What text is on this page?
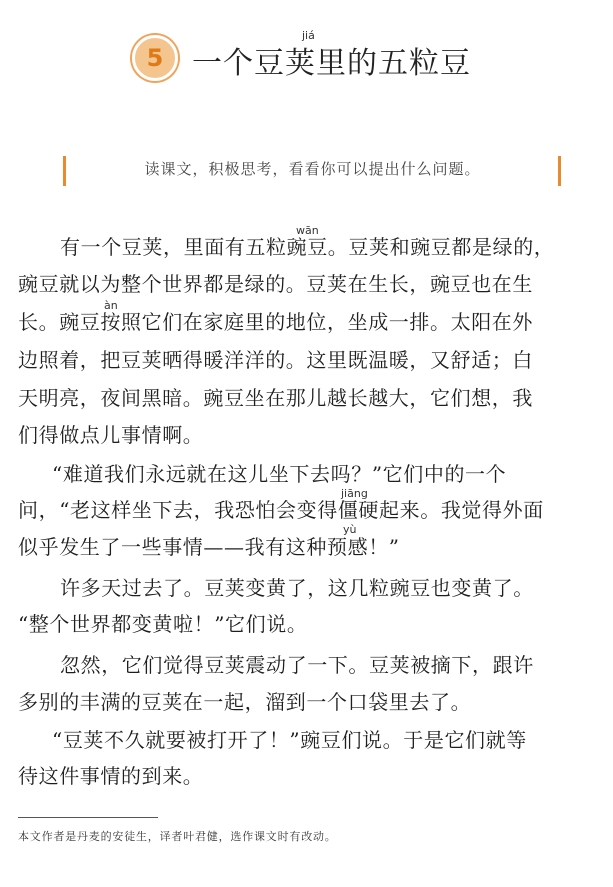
5 一个豆荚里的五粒豆
jiá
读课文，积极思考，看看你可以提出什么问题。
wān
àn
jiāng
yù
有一个豆荚，里面有五粒豌豆。豆荚和豌豆都是绿的，
豌豆就以为整个世界都是绿的。豆荚在生长，豌豆也在生
长。豌豆按照它们在家庭里的地位，坐成一排。太阳在外
边照着，把豆荚晒得暖洋洋的。这里既温暖，又舒适；白
天明亮，夜间黑暗。豌豆坐在那儿越长越大，它们想，我
们得做点儿事情啊。
“难道我们永远就在这儿坐下去吗？”它们中的一个
问，“老这样坐下去，我恐怕会变得僵硬起来。我觉得外面
似乎发生了一些事情——我有这种预感！”
许多天过去了。豆荚变黄了，这几粒豌豆也变黄了。
“整个世界都变黄啦！”它们说。
忽然，它们觉得豆荚震动了一下。豆荚被摘下，跟许
多别的丰满的豆荚在一起，溜到一个口袋里去了。
“豆荚不久就要被打开了！”豌豆们说。于是它们就等
待这件事情的到来。
本文作者是丹麦的安徒生，译者叶君健，选作课文时有改动。
